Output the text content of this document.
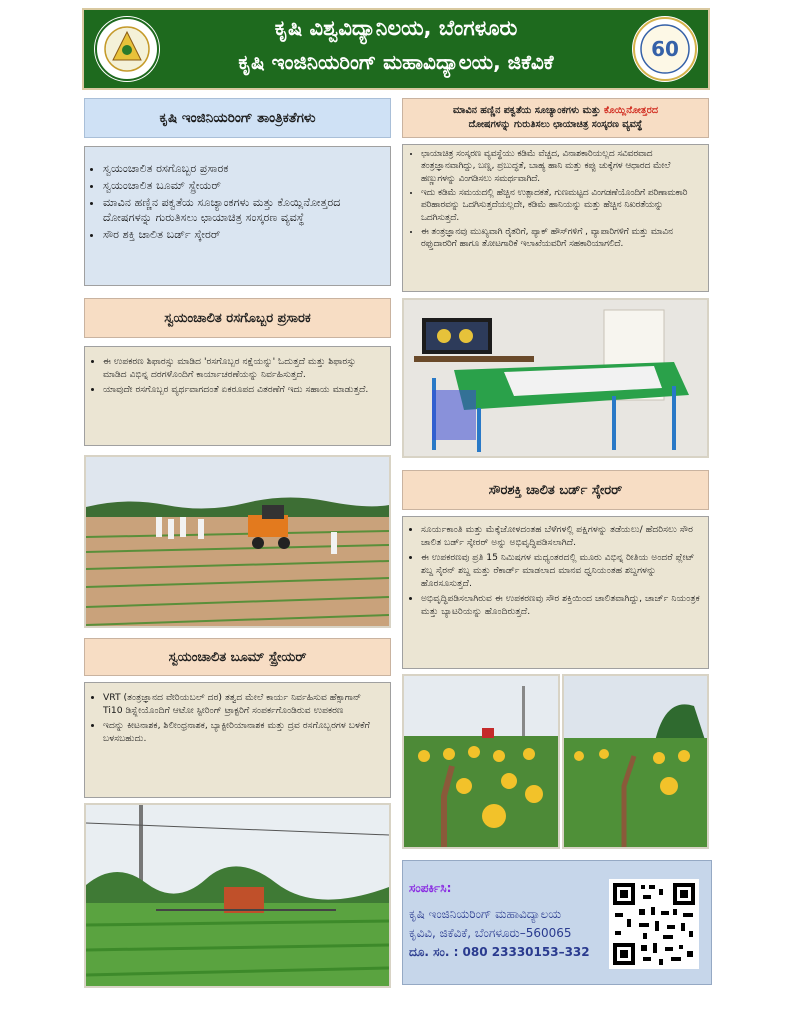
ಕೃಷಿ ವಿಶ್ವವಿದ್ಯಾನಿಲಯ, ಬೆಂಗಳೂರು
ಕೃಷಿ ಇಂಜಿನಿಯರಿಂಗ್ ಮಹಾವಿದ್ಯಾಲಯ, ಜಿಕೆವಿಕೆ
60
ಕೃಷಿ ಇಂಜಿನಿಯರಿಂಗ್ ತಾಂತ್ರಿಕತೆಗಳು
• ಸ್ವಯಂಚಾಲಿತ ರಸಗೊಬ್ಬರ ಪ್ರಸಾರಕ
• ಸ್ವಯಂಚಾಲಿತ ಬೂಮ್ ಸ್ಪ್ರೇಯರ್
• ಮಾವಿನ ಹಣ್ಣಿನ ಪಕ್ವತೆಯ ಸೂಚ್ಯಾಂಕಗಳು ಮತ್ತು ಕೊಯ್ಲಿನೋತ್ತರದ ದೋಷಗಳನ್ನು ಗುರುತಿಸಲು ಛಾಯಾಚಿತ್ರ ಸಂಸ್ಕರಣ ವ್ಯವಸ್ಥೆ
• ಸೌರ ಶಕ್ತಿ ಚಾಲಿತ ಬರ್ಡ್ ಸ್ಕೇರರ್
ಸ್ವಯಂಚಾಲಿತ ರಸಗೊಬ್ಬರ ಪ್ರಸಾರಕ
• ಈ ಉಪಕರಣ ಶಿಫಾರಸ್ಸು ಮಾಡಿದ 'ರಸಗೊಬ್ಬರ ನಕ್ಷೆಯನ್ನು' ಓದುತ್ತದೆ ಮತ್ತು ಶಿಫಾರಸ್ಸು ಮಾಡಿದ ವಿಭಿನ್ನ ದರಗಳೊಂದಿಗೆ ಕಾರ್ಯಾಚರಣೆಯನ್ನು ನಿರ್ವಹಿಸುತ್ತದೆ.
• ಯಾವುದೇ ರಸಗೊಬ್ಬರ ವ್ಯರ್ಥವಾಗದಂತೆ ಏಕರೂಪದ ವಿತರಣೆಗೆ ಇದು ಸಹಾಯ ಮಾಡುತ್ತದೆ.
ಸ್ವಯಂಚಾಲಿತ ಬೂಮ್ ಸ್ಪ್ರೇಯರ್
• VRT (ತಂತ್ರಜ್ಞಾನದ ವೇರಿಯಬಲ್ ದರ) ತತ್ವದ ಮೇಲೆ ಕಾರ್ಯ ನಿರ್ವಹಿಸುವ ಹೆಕ್ಸಾಗಾನ್ Ti10 ಡಿಸ್ಪ್ಲೇಯೊಂದಿಗೆ ಆಟೋ ಸ್ಟೀರಿಂಗ್ ಟ್ರಾಕ್ಟರಿಗೆ ಸಂಪರ್ಕಗೊಂಡಿರುವ ಉಪಕರಣ
• ಇದನ್ನು ಕೀಟನಾಶಕ, ಶಿಲೀಂಧ್ರನಾಶಕ, ಬ್ಯಾಕ್ಟೀರಿಯಾನಾಶಕ ಮತ್ತು ದ್ರವ ರಸಗೊಬ್ಬರಗಳ ಬಳಕೆಗೆ ಬಳಸಬಹುದು.
ಮಾವಿನ ಹಣ್ಣಿನ ಪಕ್ವತೆಯ ಸೂಚ್ಯಾಂಕಗಳು ಮತ್ತು ಕೊಯ್ಲಿನೋತ್ತರದ
ದೋಷಗಳನ್ನು ಗುರುತಿಸಲು ಛಾಯಾಚಿತ್ರ ಸಂಸ್ಕರಣ ವ್ಯವಸ್ಥೆ
• ಛಾಯಾಚಿತ್ರ ಸಂಸ್ಕರಣ ವ್ಯವಸ್ಥೆಯು ಕಡಿಮೆ ವೆಚ್ಚದ, ವಿನಾಶಕಾರಿಯಲ್ಲದ ಸವಿವರವಾದ ತಂತ್ರಜ್ಞಾನವಾಗಿದ್ದು, ಬಣ್ಣ, ಪ್ರಬುದ್ಧತೆ, ಬಾಹ್ಯ ಹಾನಿ ಮತ್ತು ಕಪ್ಪು ಚುಕ್ಕೆಗಳ ಆಧಾರದ ಮೇಲೆ ಹಣ್ಣುಗಳನ್ನು ವಿಂಗಡಿಸಲು ಸಮರ್ಥವಾಗಿದೆ.
• ಇದು ಕಡಿಮೆ ಸಮಯದಲ್ಲಿ ಹೆಚ್ಚಿನ ಉತ್ಪಾದಕತೆ, ಗುಣಮಟ್ಟದ ವಿಂಗಡಣೆಯೊಂದಿಗೆ ಪರಿಣಾಮಕಾರಿ ಪರಿಹಾರವನ್ನು ಒದಗಿಸುತ್ತದೆಯಲ್ಲದೇ, ಕಡಿಮೆ ಹಾನಿಯನ್ನು ಮತ್ತು ಹೆಚ್ಚಿನ ನಿಖರತೆಯನ್ನು ಒದಗಿಸುತ್ತದೆ.
• ಈ ತಂತ್ರಜ್ಞಾನವು ಮುಖ್ಯವಾಗಿ ರೈತರಿಗೆ, ಪ್ಯಾಕ್ ಹೌಸ್‌ಗಳಿಗೆ , ವ್ಯಾಪಾರಿಗಳಿಗೆ ಮತ್ತು ಮಾವಿನ ರಫ್ತುದಾರರಿಗೆ ಹಾಗೂ ತೋಟಗಾರಿಕೆ ಇಲಾಖೆಯವರಿಗೆ ಸಹಕಾರಿಯಾಗಲಿದೆ.
ಸೌರಶಕ್ತಿ ಚಾಲಿತ ಬರ್ಡ್ ಸ್ಕೇರರ್
• ಸೂರ್ಯಕಾಂತಿ ಮತ್ತು ಮೆಕ್ಕೆಜೋಳದಂತಹ ಬೆಳೆಗಳಲ್ಲಿ ಪಕ್ಷಿಗಳನ್ನು ತಡೆಯಲು/ ಹೆದರಿಸಲು ಸೌರ ಚಾಲಿತ ಬರ್ಡ್ ಸ್ಕೇರರ್ ಅನ್ನು ಅಭಿವೃದ್ಧಿಪಡಿಸಲಾಗಿದೆ.
• ಈ ಉಪಕರಣವು ಪ್ರತಿ 15 ನಿಮಿಷಗಳ ಮಧ್ಯಂತರದಲ್ಲಿ ಮೂರು ವಿಭಿನ್ನ ರೀತಿಯ ಅಂದರೆ ಪ್ಲೇಟ್ ಶಬ್ದ ಸೈರನ್ ಶಬ್ದ ಮತ್ತು ರೆಕಾರ್ಡ್ ಮಾಡಲಾದ ಮಾನವ ಧ್ವನಿಯಂತಹ ಶಬ್ದಗಳನ್ನು ಹೊರಸೂಸುತ್ತದೆ.
• ಅಭಿವೃದ್ಧಿಪಡಿಸಲಾಗಿರುವ ಈ ಉಪಕರಣವು ಸೌರ ಶಕ್ತಿಯಿಂದ ಚಾಲಿತವಾಗಿದ್ದು, ಚಾರ್ಜ್ ನಿಯಂತ್ರಕ ಮತ್ತು ಬ್ಯಾಟರಿಯನ್ನು ಹೊಂದಿರುತ್ತದೆ.
ಸಂಪರ್ಕಿಸಿ:
ಕೃಷಿ ಇಂಜಿನಿಯರಿಂಗ್ ಮಹಾವಿದ್ಯಾಲಯ
ಕೃವಿವಿ, ಜಿಕೆವಿಕೆ, ಬೆಂಗಳೂರು–560065
ದೂ. ಸಂ. : 080 23330153–332
